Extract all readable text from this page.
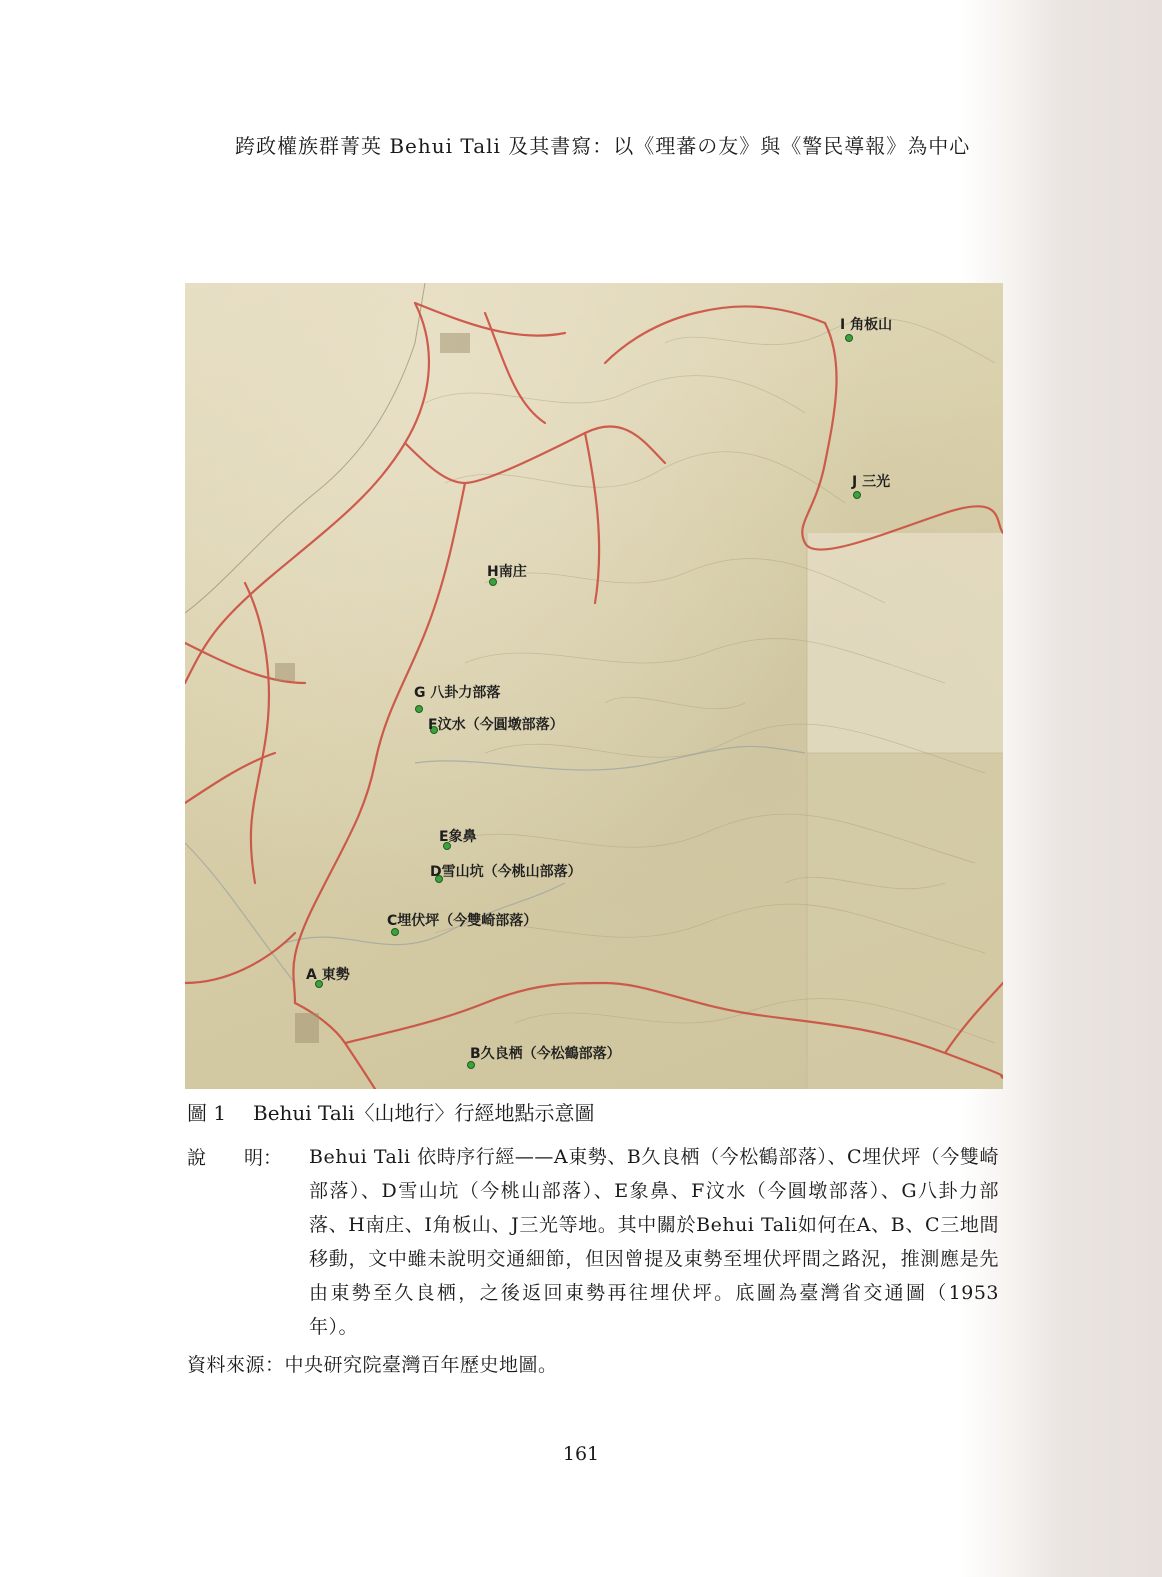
跨政權族群菁英 Behui Tali 及其書寫：以《理蕃の友》與《警民導報》為中心
I 角板山
J 三光
H南庄
G 八卦力部落
F汶水（今圓墩部落）
E象鼻
D雪山坑（今桃山部落）
C埋伏坪（今雙崎部落）
A 東勢
B久良栖（今松鶴部落）
圖 1 Behui Tali〈山地行〉行經地點示意圖
說　　明： Behui Tali 依時序行經——A東勢、B久良栖（今松鶴部落）、C埋伏坪（今雙崎部落）、D雪山坑（今桃山部落）、E象鼻、F汶水（今圓墩部落）、G八卦力部落、H南庄、I角板山、J三光等地。其中關於Behui Tali如何在A、B、C三地間移動，文中雖未說明交通細節，但因曾提及東勢至埋伏坪間之路況，推測應是先由東勢至久良栖，之後返回東勢再往埋伏坪。底圖為臺灣省交通圖（1953 年）。
資料來源：中央研究院臺灣百年歷史地圖。
161
